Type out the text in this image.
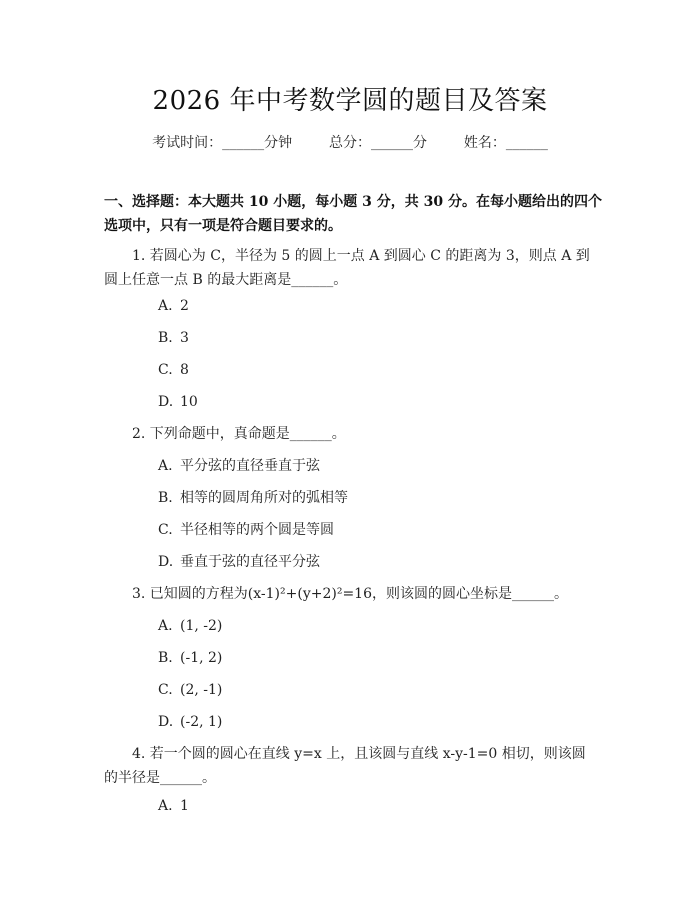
2026 年中考数学圆的题目及答案
考试时间：______分钟	总分：______分	姓名：______
一、选择题：本大题共 10 小题，每小题 3 分，共 30 分。在每小题给出的四个选项中，只有一项是符合题目要求的。
1. 若圆心为 C，半径为 5 的圆上一点 A 到圆心 C 的距离为 3，则点 A 到圆上任意一点 B 的最大距离是______。
A. 2
B. 3
C. 8
D. 10
2. 下列命题中，真命题是______。
A. 平分弦的直径垂直于弦
B. 相等的圆周角所对的弧相等
C. 半径相等的两个圆是等圆
D. 垂直于弦的直径平分弦
3. 已知圆的方程为(x-1)²+(y+2)²=16，则该圆的圆心坐标是______。
A. (1, -2)
B. (-1, 2)
C. (2, -1)
D. (-2, 1)
4. 若一个圆的圆心在直线 y=x 上，且该圆与直线 x-y-1=0 相切，则该圆的半径是______。
A. 1
